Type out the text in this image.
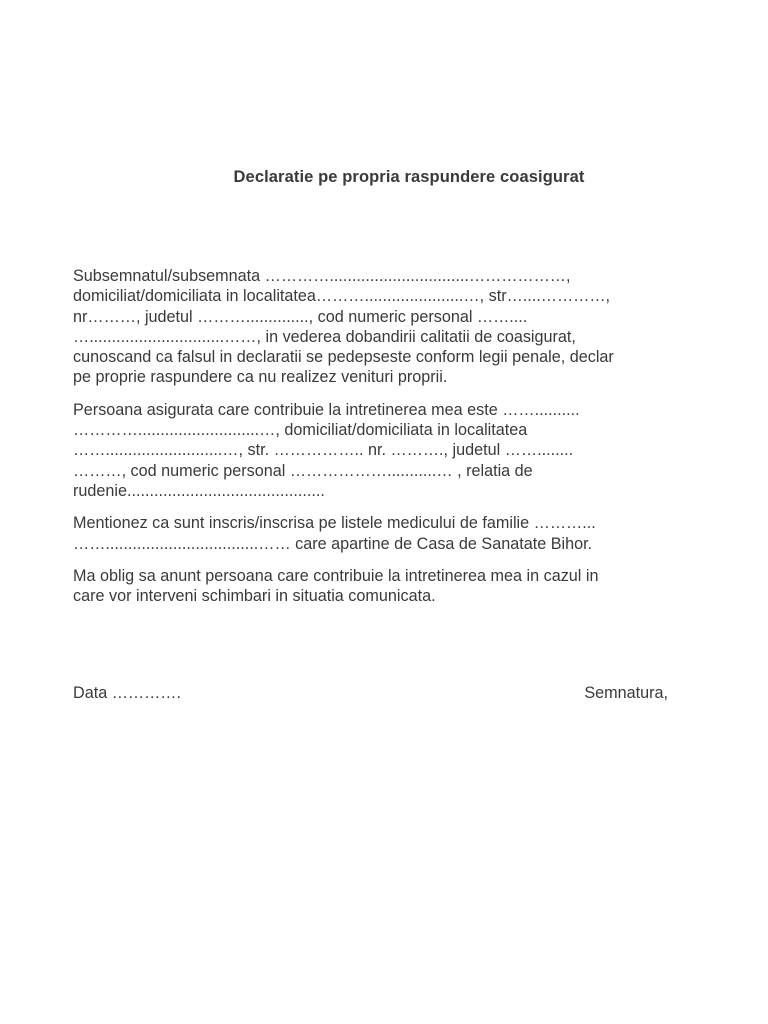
Declaratie pe propria raspundere coasigurat

Subsemnatul/subsemnata …………...............................………………,
domiciliat/domiciliata in localitatea………......................…, str…....…………,
nr………, judetul ……….............., cod numeric personal ……....
…..............................……, in vederea dobandirii calitatii de coasigurat,
cunoscand ca falsul in declaratii se pedepseste conform legii penale, declar
pe proprie raspundere ca nu realizez venituri proprii.

Persoana asigurata care contribuie la intretinerea mea este ……..........
…………...........................…, domiciliat/domiciliata in localitatea
……..........................…, str. …………….. nr. ………., judetul ……........
………, cod numeric personal ………………...........… , relatia de
rudenie............................................

Mentionez ca sunt inscris/inscrisa pe listele medicului de familie ………...
……..................................…… care apartine de Casa de Sanatate Bihor.

Ma oblig sa anunt persoana care contribuie la intretinerea mea in cazul in
care vor interveni schimbari in situatia comunicata.

Data ………….	Semnatura,
